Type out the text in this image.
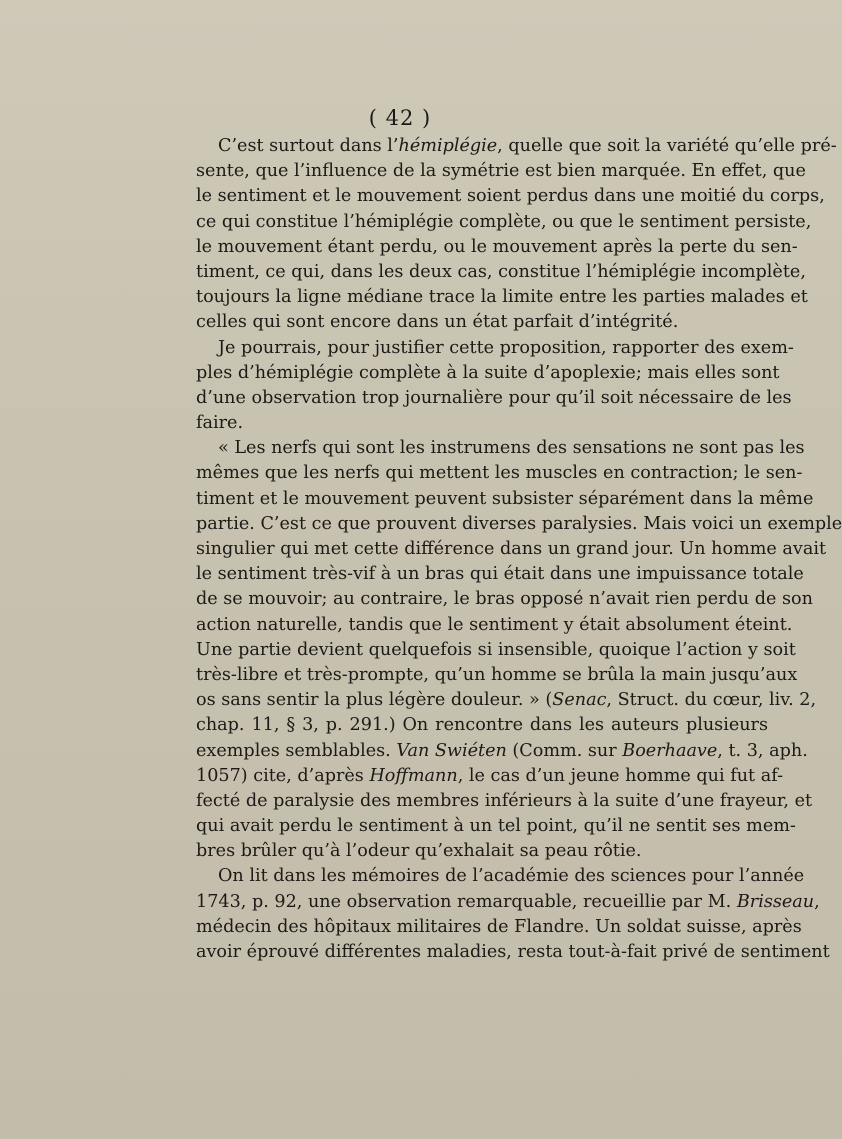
( 42 )
C’est surtout dans l’hémiplégie, quelle que soit la variété qu’elle pré-
sente, que l’influence de la symétrie est bien marquée. En effet, que
le sentiment et le mouvement soient perdus dans une moitié du corps,
ce qui constitue l’hémiplégie complète, ou que le sentiment persiste,
le mouvement étant perdu, ou le mouvement après la perte du sen-
timent, ce qui, dans les deux cas, constitue l’hémiplégie incomplète,
toujours la ligne médiane trace la limite entre les parties malades et
celles qui sont encore dans un état parfait d’intégrité.
Je pourrais, pour justifier cette proposition, rapporter des exem-
ples d’hémiplégie complète à la suite d’apoplexie; mais elles sont
d’une observation trop journalière pour qu’il soit nécessaire de les
faire.
« Les nerfs qui sont les instrumens des sensations ne sont pas les
mêmes que les nerfs qui mettent les muscles en contraction; le sen-
timent et le mouvement peuvent subsister séparément dans la même
partie. C’est ce que prouvent diverses paralysies. Mais voici un exemple
singulier qui met cette différence dans un grand jour. Un homme avait
le sentiment très-vif à un bras qui était dans une impuissance totale
de se mouvoir; au contraire, le bras opposé n’avait rien perdu de son
action naturelle, tandis que le sentiment y était absolument éteint.
Une partie devient quelquefois si insensible, quoique l’action y soit
très-libre et très-prompte, qu’un homme se brûla la main jusqu’aux
os sans sentir la plus légère douleur. » (Senac, Struct. du cœur, liv. 2,
chap. 11, § 3, p. 291.) On rencontre dans les auteurs plusieurs
exemples semblables. Van Swiéten (Comm. sur Boerhaave, t. 3, aph.
1057) cite, d’après Hoffmann, le cas d’un jeune homme qui fut af-
fecté de paralysie des membres inférieurs à la suite d’une frayeur, et
qui avait perdu le sentiment à un tel point, qu’il ne sentit ses mem-
bres brûler qu’à l’odeur qu’exhalait sa peau rôtie.
On lit dans les mémoires de l’académie des sciences pour l’année
1743, p. 92, une observation remarquable, recueillie par M. Brisseau,
médecin des hôpitaux militaires de Flandre. Un soldat suisse, après
avoir éprouvé différentes maladies, resta tout-à-fait privé de sentiment
